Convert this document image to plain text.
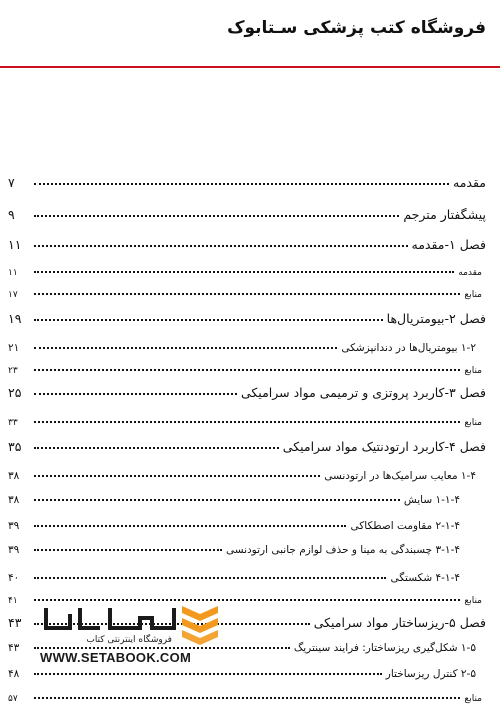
فروشگاه کتب پزشکی سـتابوک
مقدمه
۷
پیشگفتار مترجم
۹
فصل ۱-مقدمه
۱۱
مقدمه
۱۱
منابع
۱۷
فصل ۲-بیومتریال‌ها
۱۹
۱-۲ بیومتریال‌ها در دندانپزشکی
۲۱
منابع
۲۳
فصل ۳-کاربرد پروتزی و ترمیمی مواد سرامیکی
۲۵
منابع
۳۳
فصل ۴-کاربرد ارتودنتیک مواد سرامیکی
۳۵
۱-۴ معایب سرامیک‌ها در ارتودنسی
۳۸
۱-۱-۴ سایش
۳۸
۲-۱-۴ مقاومت اصطکاکی
۳۹
۳-۱-۴ چسبندگی به مینا و حذف لوازم جانبی ارتودنسی
۳۹
۴-۱-۴ شکستگی
۴۰
منابع
۴۱
فصل ۵-ریزساختار مواد سرامیکی
۴۳
۱-۵ شکل‌گیری ریزساختار: فرایند سینتریگ
۴۳
۲-۵ کنترل ریزساختار
۴۸
منابع
۵۷
فروشگاه اینترنتی کتاب
WWW.SETABOOK.COM
